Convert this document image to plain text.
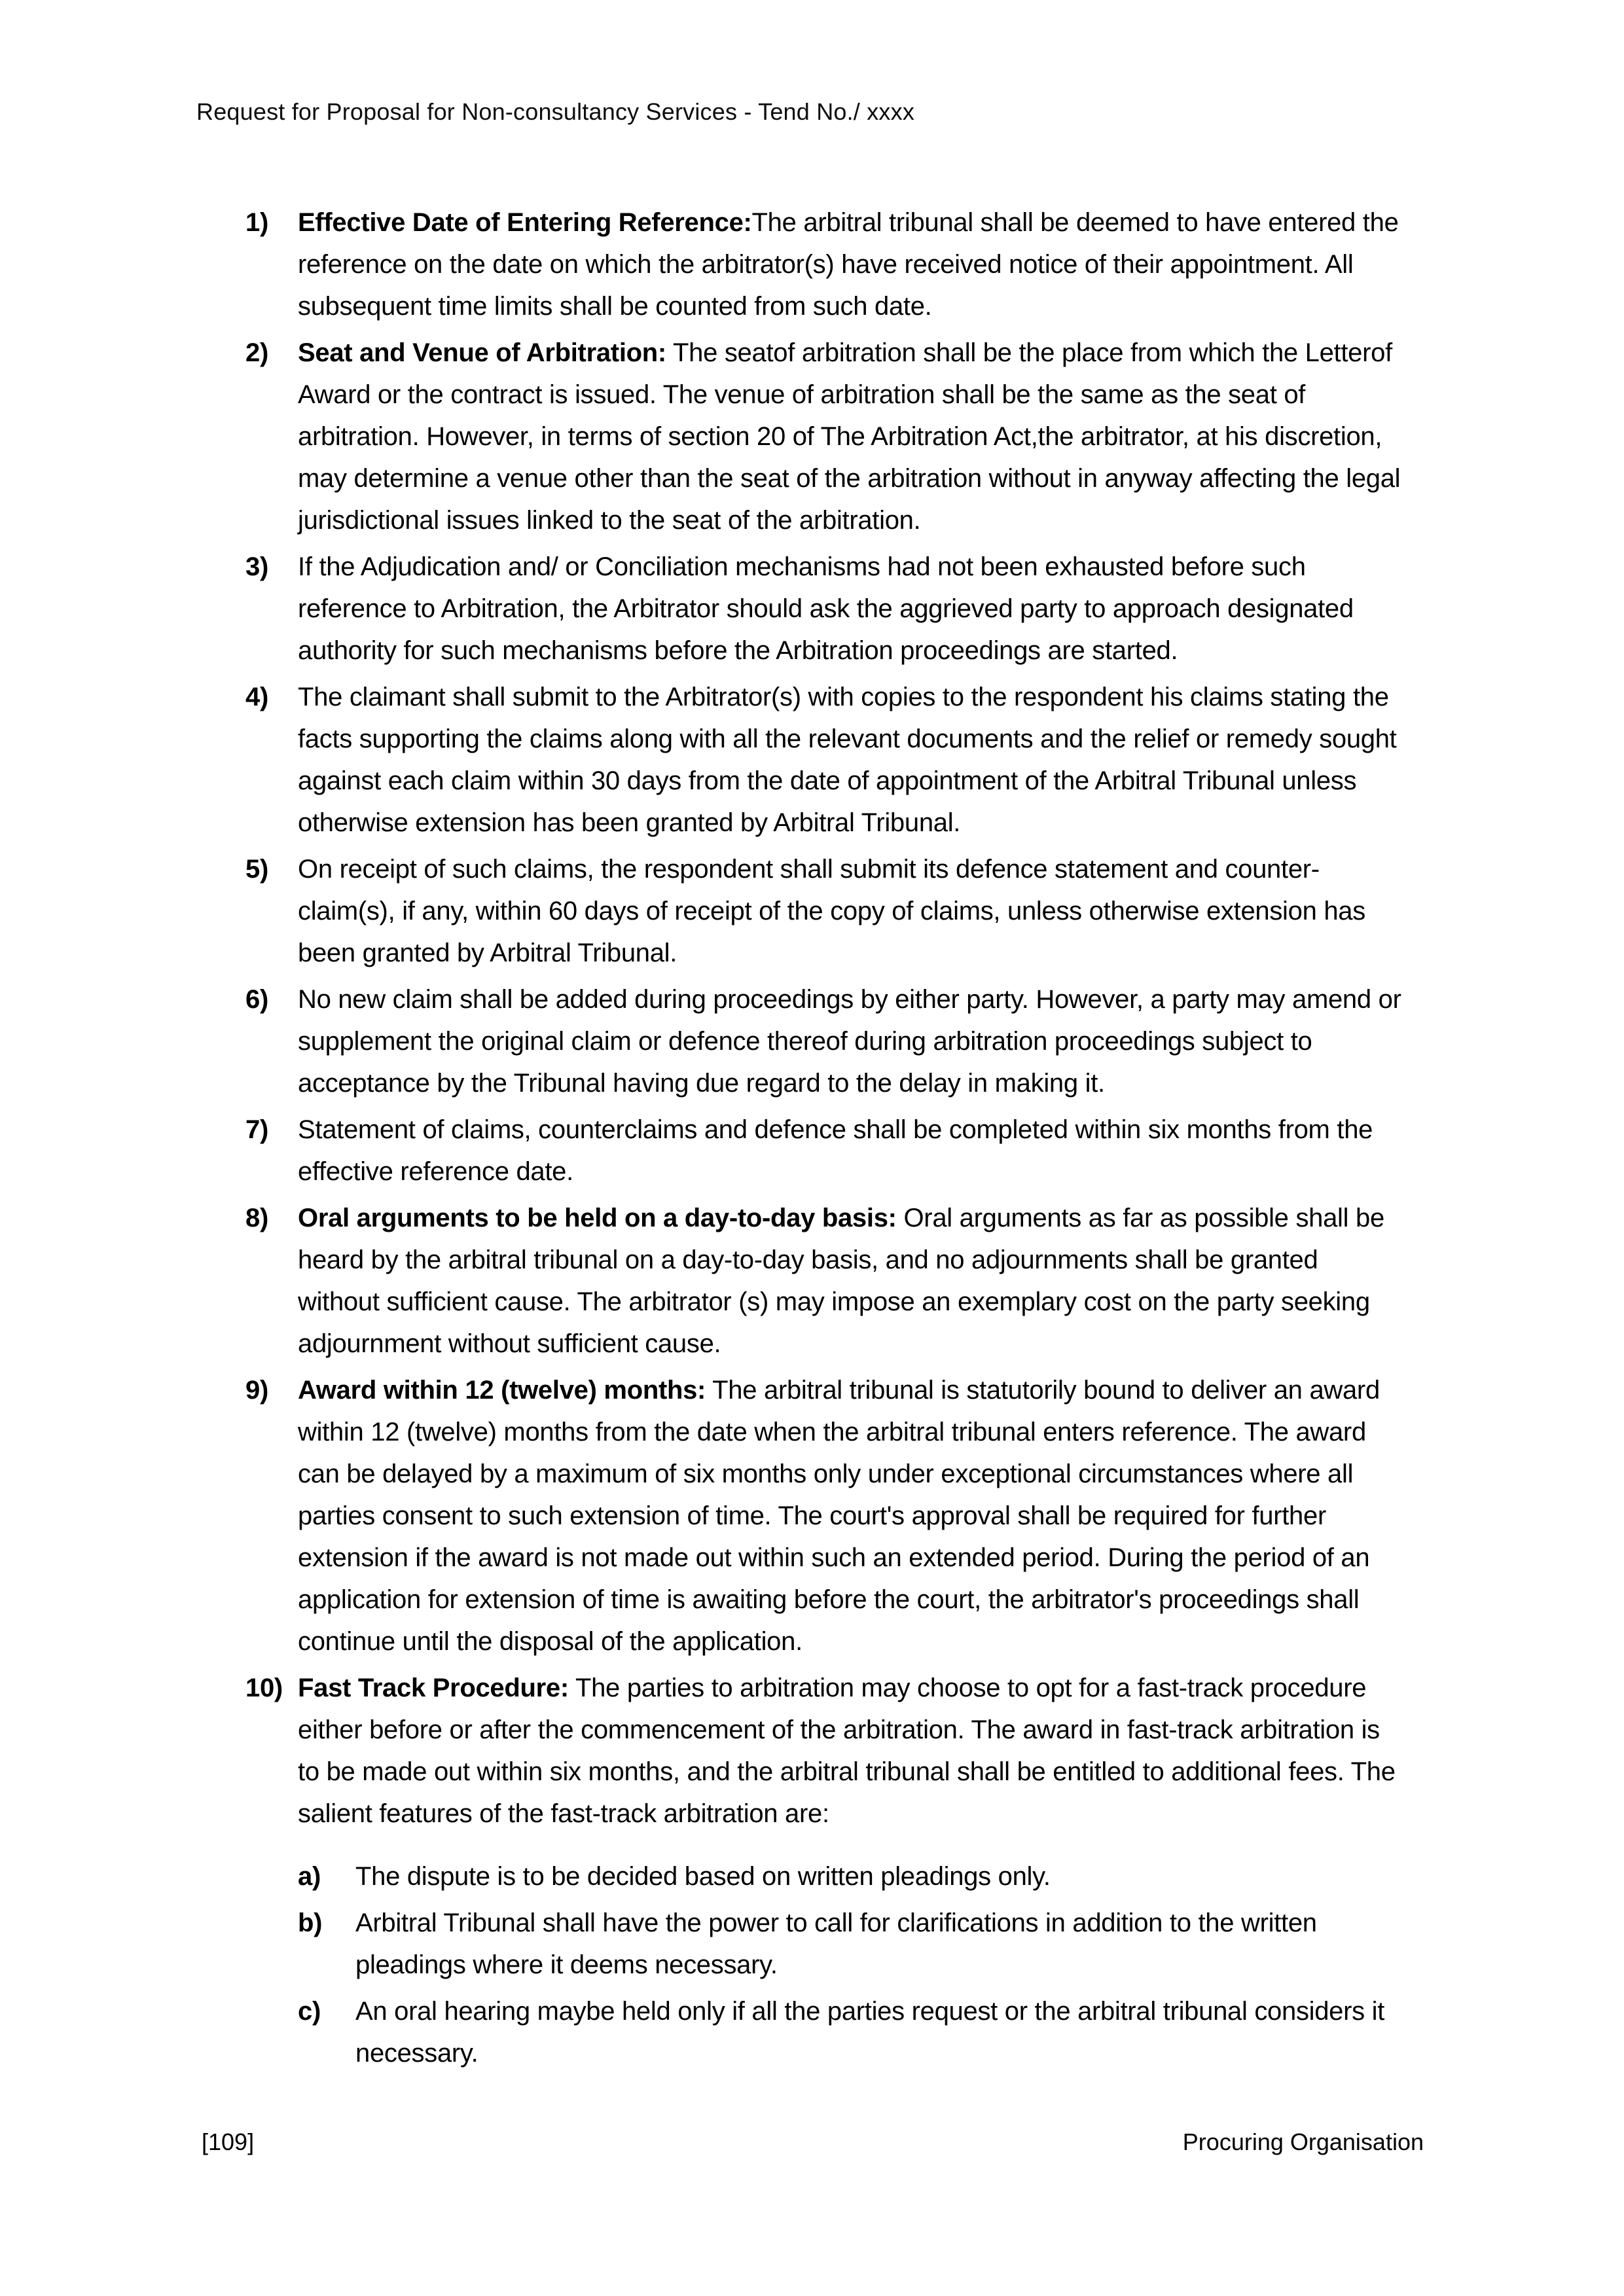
Request for Proposal for Non-consultancy Services - Tend No./ xxxx
1) Effective Date of Entering Reference:The arbitral tribunal shall be deemed to have entered the reference on the date on which the arbitrator(s) have received notice of their appointment. All subsequent time limits shall be counted from such date.
2) Seat and Venue of Arbitration: The seatof arbitration shall be the place from which the Letterof Award or the contract is issued. The venue of arbitration shall be the same as the seat of arbitration. However, in terms of section 20 of The Arbitration Act,the arbitrator, at his discretion, may determine a venue other than the seat of the arbitration without in anyway affecting the legal jurisdictional issues linked to the seat of the arbitration.
3) If the Adjudication and/ or Conciliation mechanisms had not been exhausted before such reference to Arbitration, the Arbitrator should ask the aggrieved party to approach designated authority for such mechanisms before the Arbitration proceedings are started.
4) The claimant shall submit to the Arbitrator(s) with copies to the respondent his claims stating the facts supporting the claims along with all the relevant documents and the relief or remedy sought against each claim within 30 days from the date of appointment of the Arbitral Tribunal unless otherwise extension has been granted by Arbitral Tribunal.
5) On receipt of such claims, the respondent shall submit its defence statement and counter-claim(s), if any, within 60 days of receipt of the copy of claims, unless otherwise extension has been granted by Arbitral Tribunal.
6) No new claim shall be added during proceedings by either party. However, a party may amend or supplement the original claim or defence thereof during arbitration proceedings subject to acceptance by the Tribunal having due regard to the delay in making it.
7) Statement of claims, counterclaims and defence shall be completed within six months from the effective reference date.
8) Oral arguments to be held on a day-to-day basis: Oral arguments as far as possible shall be heard by the arbitral tribunal on a day-to-day basis, and no adjournments shall be granted without sufficient cause. The arbitrator (s) may impose an exemplary cost on the party seeking adjournment without sufficient cause.
9) Award within 12 (twelve) months: The arbitral tribunal is statutorily bound to deliver an award within 12 (twelve) months from the date when the arbitral tribunal enters reference. The award can be delayed by a maximum of six months only under exceptional circumstances where all parties consent to such extension of time. The court's approval shall be required for further extension if the award is not made out within such an extended period. During the period of an application for extension of time is awaiting before the court, the arbitrator's proceedings shall continue until the disposal of the application.
10) Fast Track Procedure: The parties to arbitration may choose to opt for a fast-track procedure either before or after the commencement of the arbitration. The award in fast-track arbitration is to be made out within six months, and the arbitral tribunal shall be entitled to additional fees. The salient features of the fast-track arbitration are:
a) The dispute is to be decided based on written pleadings only.
b) Arbitral Tribunal shall have the power to call for clarifications in addition to the written pleadings where it deems necessary.
c) An oral hearing maybe held only if all the parties request or the arbitral tribunal considers it necessary.
[109]	Procuring Organisation
